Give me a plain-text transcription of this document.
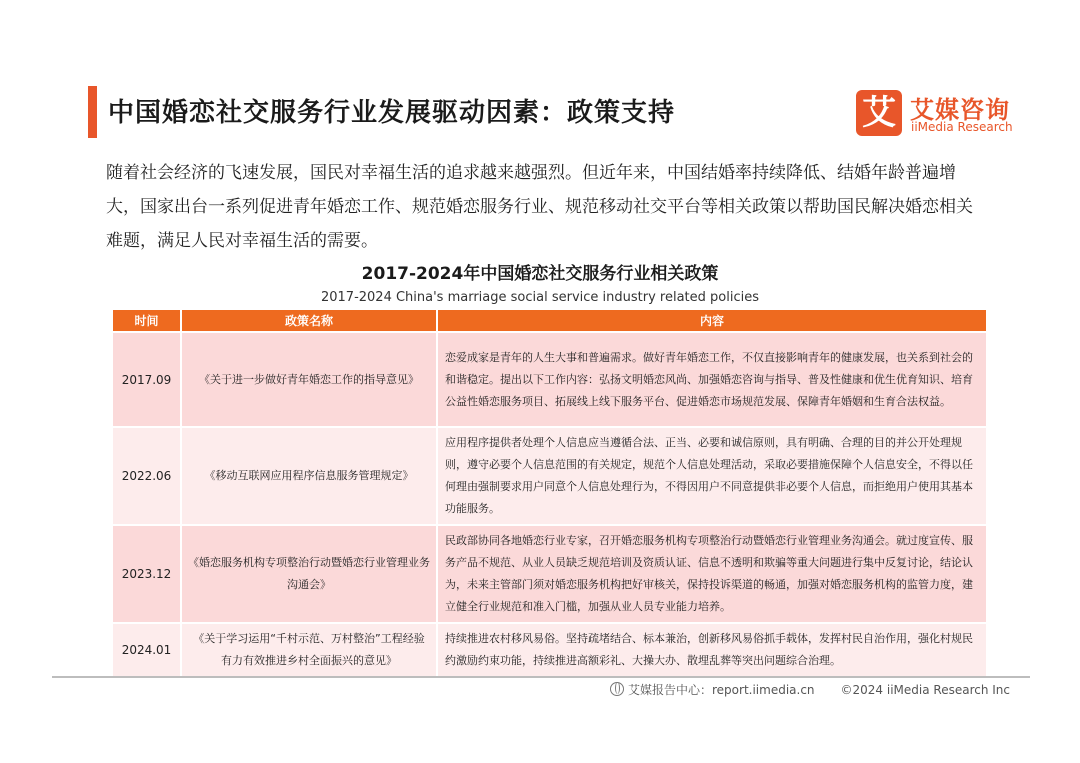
中国婚恋社交服务行业发展驱动因素：政策支持	艾 艾媒咨询
iiMedia Research
随着社会经济的飞速发展，国民对幸福生活的追求越来越强烈。但近年来，中国结婚率持续降低、结婚年龄普遍增大，国家出台一系列促进青年婚恋工作、规范婚恋服务行业、规范移动社交平台等相关政策以帮助国民解决婚恋相关难题，满足人民对幸福生活的需要。
2017-2024年中国婚恋社交服务行业相关政策
2017-2024 China's marriage social service industry related policies
时间	政策名称	内容
2017.09	《关于进一步做好青年婚恋工作的指导意见》	恋爱成家是青年的人生大事和普遍需求。做好青年婚恋工作，不仅直接影响青年的健康发展，也关系到社会的和谐稳定。提出以下工作内容：弘扬文明婚恋风尚、加强婚恋咨询与指导、普及性健康和优生优育知识、培育公益性婚恋服务项目、拓展线上线下服务平台、促进婚恋市场规范发展、保障青年婚姻和生育合法权益。
2022.06	《移动互联网应用程序信息服务管理规定》	应用程序提供者处理个人信息应当遵循合法、正当、必要和诚信原则，具有明确、合理的目的并公开处理规则，遵守必要个人信息范围的有关规定，规范个人信息处理活动，采取必要措施保障个人信息安全，不得以任何理由强制要求用户同意个人信息处理行为，不得因用户不同意提供非必要个人信息，而拒绝用户使用其基本功能服务。
2023.12	《婚恋服务机构专项整治行动暨婚恋行业管理业务沟通会》	民政部协同各地婚恋行业专家，召开婚恋服务机构专项整治行动暨婚恋行业管理业务沟通会。就过度宣传、服务产品不规范、从业人员缺乏规范培训及资质认证、信息不透明和欺骗等重大问题进行集中反复讨论，结论认为，未来主管部门须对婚恋服务机构把好审核关，保持投诉渠道的畅通，加强对婚恋服务机构的监管力度，建立健全行业规范和准入门槛，加强从业人员专业能力培养。
2024.01	《关于学习运用“千村示范、万村整治”工程经验有力有效推进乡村全面振兴的意见》	持续推进农村移风易俗。坚持疏堵结合、标本兼治，创新移风易俗抓手载体，发挥村民自治作用，强化村规民约激励约束功能，持续推进高额彩礼、大操大办、散埋乱葬等突出问题综合治理。
艾媒报告中心：report.iimedia.cn ©2024 iiMedia Research Inc
